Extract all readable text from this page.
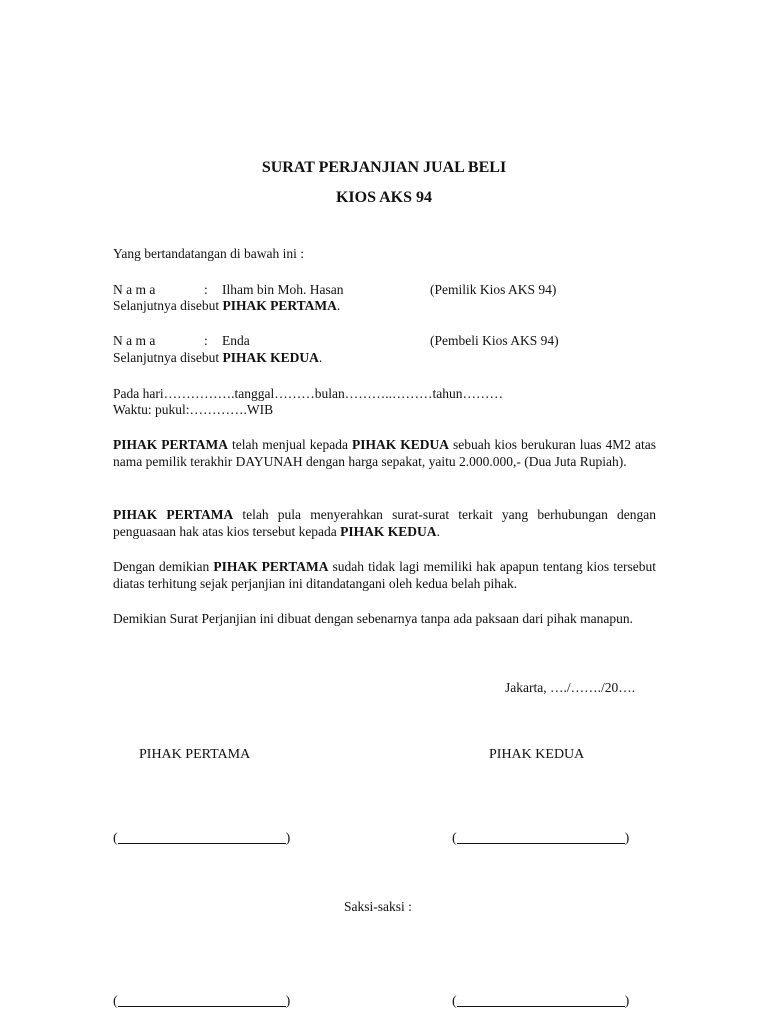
SURAT PERJANJIAN JUAL BELI
KIOS AKS 94
Yang bertandatangan di bawah ini :
N a m a	: Ilham bin Moh. Hasan	(Pemilik Kios AKS 94)
Selanjutnya disebut PIHAK PERTAMA.
N a m a	: Enda	(Pembeli Kios AKS 94)
Selanjutnya disebut PIHAK KEDUA.
Pada hari…………….tanggal………bulan………..………tahun………
Waktu: pukul:………….WIB
PIHAK PERTAMA telah menjual kepada PIHAK KEDUA sebuah kios berukuran luas 4M2 atas nama pemilik terakhir DAYUNAH dengan harga sepakat, yaitu 2.000.000,- (Dua Juta Rupiah).
PIHAK PERTAMA telah pula menyerahkan surat-surat terkait yang berhubungan dengan penguasaan hak atas kios tersebut kepada PIHAK KEDUA.
Dengan demikian PIHAK PERTAMA sudah tidak lagi memiliki hak apapun tentang kios tersebut diatas terhitung sejak perjanjian ini ditandatangani oleh kedua belah pihak.
Demikian Surat Perjanjian ini dibuat dengan sebenarnya tanpa ada paksaan dari pihak manapun.
Jakarta, …./……./20….
PIHAK PERTAMA	PIHAK KEDUA
(	)	(	)
Saksi-saksi :
(	)	(	)
